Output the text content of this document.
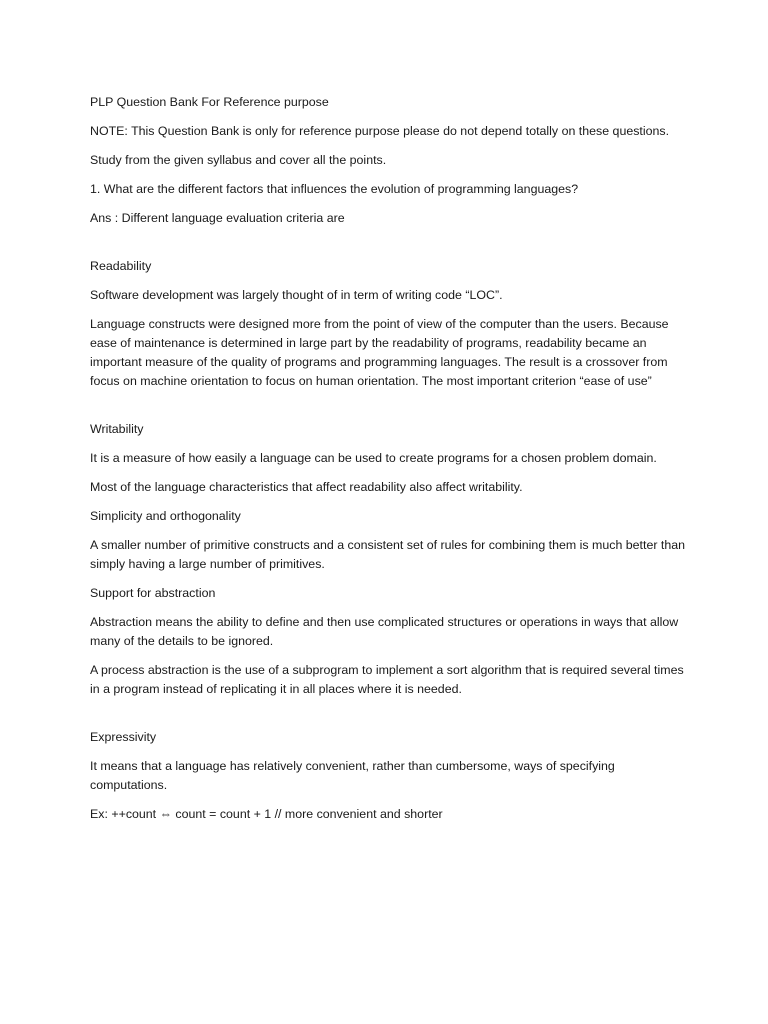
PLP Question Bank For Reference purpose

NOTE: This Question Bank is only for reference purpose please do not depend totally on these questions.

Study from the given syllabus and cover all the points.

1. What are the different factors that influences the evolution of programming languages?

Ans : Different language evaluation criteria are

Readability

Software development was largely thought of in term of writing code “LOC”.

Language constructs were designed more from the point of view of the computer than the users. Because ease of maintenance is determined in large part by the readability of programs, readability became an important measure of the quality of programs and programming languages. The result is a crossover from focus on machine orientation to focus on human orientation. The most important criterion “ease of use”

Writability

It is a measure of how easily a language can be used to create programs for a chosen problem domain.

Most of the language characteristics that affect readability also affect writability.

Simplicity and orthogonality

A smaller number of primitive constructs and a consistent set of rules for combining them is much better than simply having a large number of primitives.

Support for abstraction

Abstraction means the ability to define and then use complicated structures or operations in ways that allow many of the details to be ignored.

A process abstraction is the use of a subprogram to implement a sort algorithm that is required several times in a program instead of replicating it in all places where it is needed.

Expressivity

It means that a language has relatively convenient, rather than cumbersome, ways of specifying computations.

Ex: ++count ⇔ count = count + 1 // more convenient and shorter
